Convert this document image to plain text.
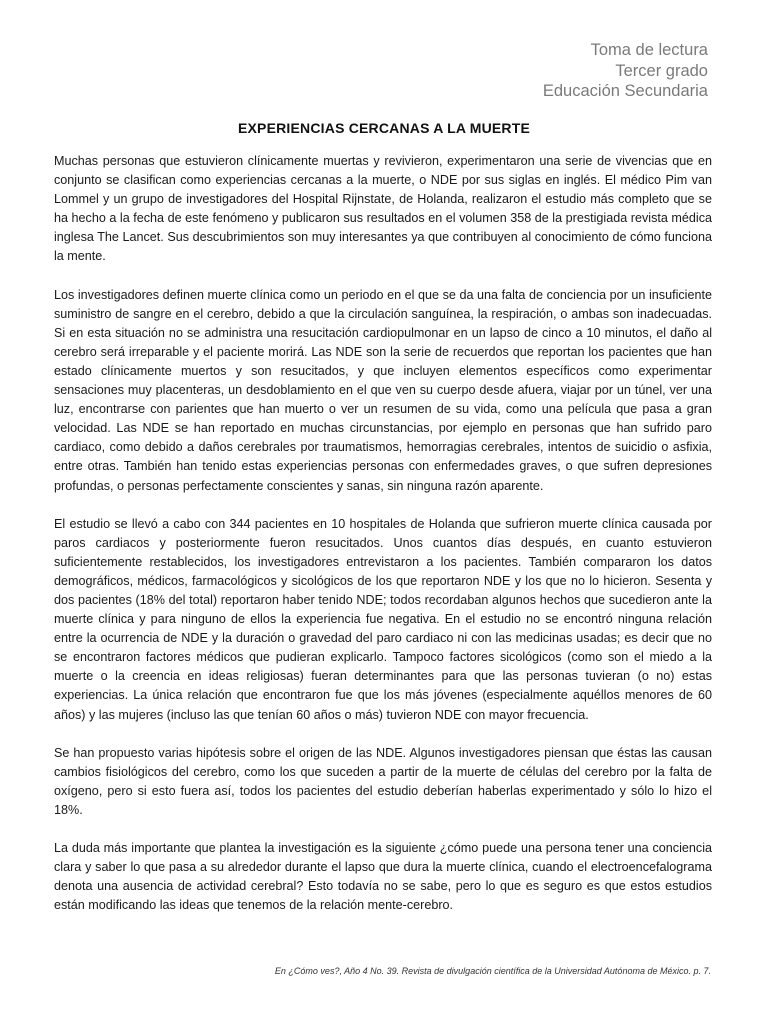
Toma de lectura
Tercer grado
Educación Secundaria
EXPERIENCIAS CERCANAS A LA MUERTE

Muchas personas que estuvieron clínicamente muertas y revivieron, experimentaron una serie de vivencias que en conjunto se clasifican como experiencias cercanas a la muerte, o NDE por sus siglas en inglés. El médico Pim van Lommel y un grupo de investigadores del Hospital Rijnstate, de Holanda, realizaron el estudio más completo que se ha hecho a la fecha de este fenómeno y publicaron sus resultados en el volumen 358 de la prestigiada revista médica inglesa The Lancet. Sus descubrimientos son muy interesantes ya que contribuyen al conocimiento de cómo funciona la mente.

Los investigadores definen muerte clínica como un periodo en el que se da una falta de conciencia por un insuficiente suministro de sangre en el cerebro, debido a que la circulación sanguínea, la respiración, o ambas son inadecuadas. Si en esta situación no se administra una resucitación cardiopulmonar en un lapso de cinco a 10 minutos, el daño al cerebro será irreparable y el paciente morirá. Las NDE son la serie de recuerdos que reportan los pacientes que han estado clínicamente muertos y son resucitados, y que incluyen elementos específicos como experimentar sensaciones muy placenteras, un desdoblamiento en el que ven su cuerpo desde afuera, viajar por un túnel, ver una luz, encontrarse con parientes que han muerto o ver un resumen de su vida, como una película que pasa a gran velocidad. Las NDE se han reportado en muchas circunstancias, por ejemplo en personas que han sufrido paro cardiaco, como debido a daños cerebrales por traumatismos, hemorragias cerebrales, intentos de suicidio o asfixia, entre otras. También han tenido estas experiencias personas con enfermedades graves, o que sufren depresiones profundas, o personas perfectamente conscientes y sanas, sin ninguna razón aparente.

El estudio se llevó a cabo con 344 pacientes en 10 hospitales de Holanda que sufrieron muerte clínica causada por paros cardiacos y posteriormente fueron resucitados. Unos cuantos días después, en cuanto estuvieron suficientemente restablecidos, los investigadores entrevistaron a los pacientes. También compararon los datos demográficos, médicos, farmacológicos y sicológicos de los que reportaron NDE y los que no lo hicieron. Sesenta y dos pacientes (18% del total) reportaron haber tenido NDE; todos recordaban algunos hechos que sucedieron ante la muerte clínica y para ninguno de ellos la experiencia fue negativa. En el estudio no se encontró ninguna relación entre la ocurrencia de NDE y la duración o gravedad del paro cardiaco ni con las medicinas usadas; es decir que no se encontraron factores médicos que pudieran explicarlo. Tampoco factores sicológicos (como son el miedo a la muerte o la creencia en ideas religiosas) fueran determinantes para que las personas tuvieran (o no) estas experiencias. La única relación que encontraron fue que los más jóvenes (especialmente aquéllos menores de 60 años) y las mujeres (incluso las que tenían 60 años o más) tuvieron NDE con mayor frecuencia.

Se han propuesto varias hipótesis sobre el origen de las NDE. Algunos investigadores piensan que éstas las causan cambios fisiológicos del cerebro, como los que suceden a partir de la muerte de células del cerebro por la falta de oxígeno, pero si esto fuera así, todos los pacientes del estudio deberían haberlas experimentado y sólo lo hizo el 18%.

La duda más importante que plantea la investigación es la siguiente ¿cómo puede una persona tener una conciencia clara y saber lo que pasa a su alrededor durante el lapso que dura la muerte clínica, cuando el electroencefalograma denota una ausencia de actividad cerebral? Esto todavía no se sabe, pero lo que es seguro es que estos estudios están modificando las ideas que tenemos de la relación mente-cerebro.

En ¿Cómo ves?, Año 4 No. 39. Revista de divulgación científica de la Universidad Autónoma de México. p. 7.
